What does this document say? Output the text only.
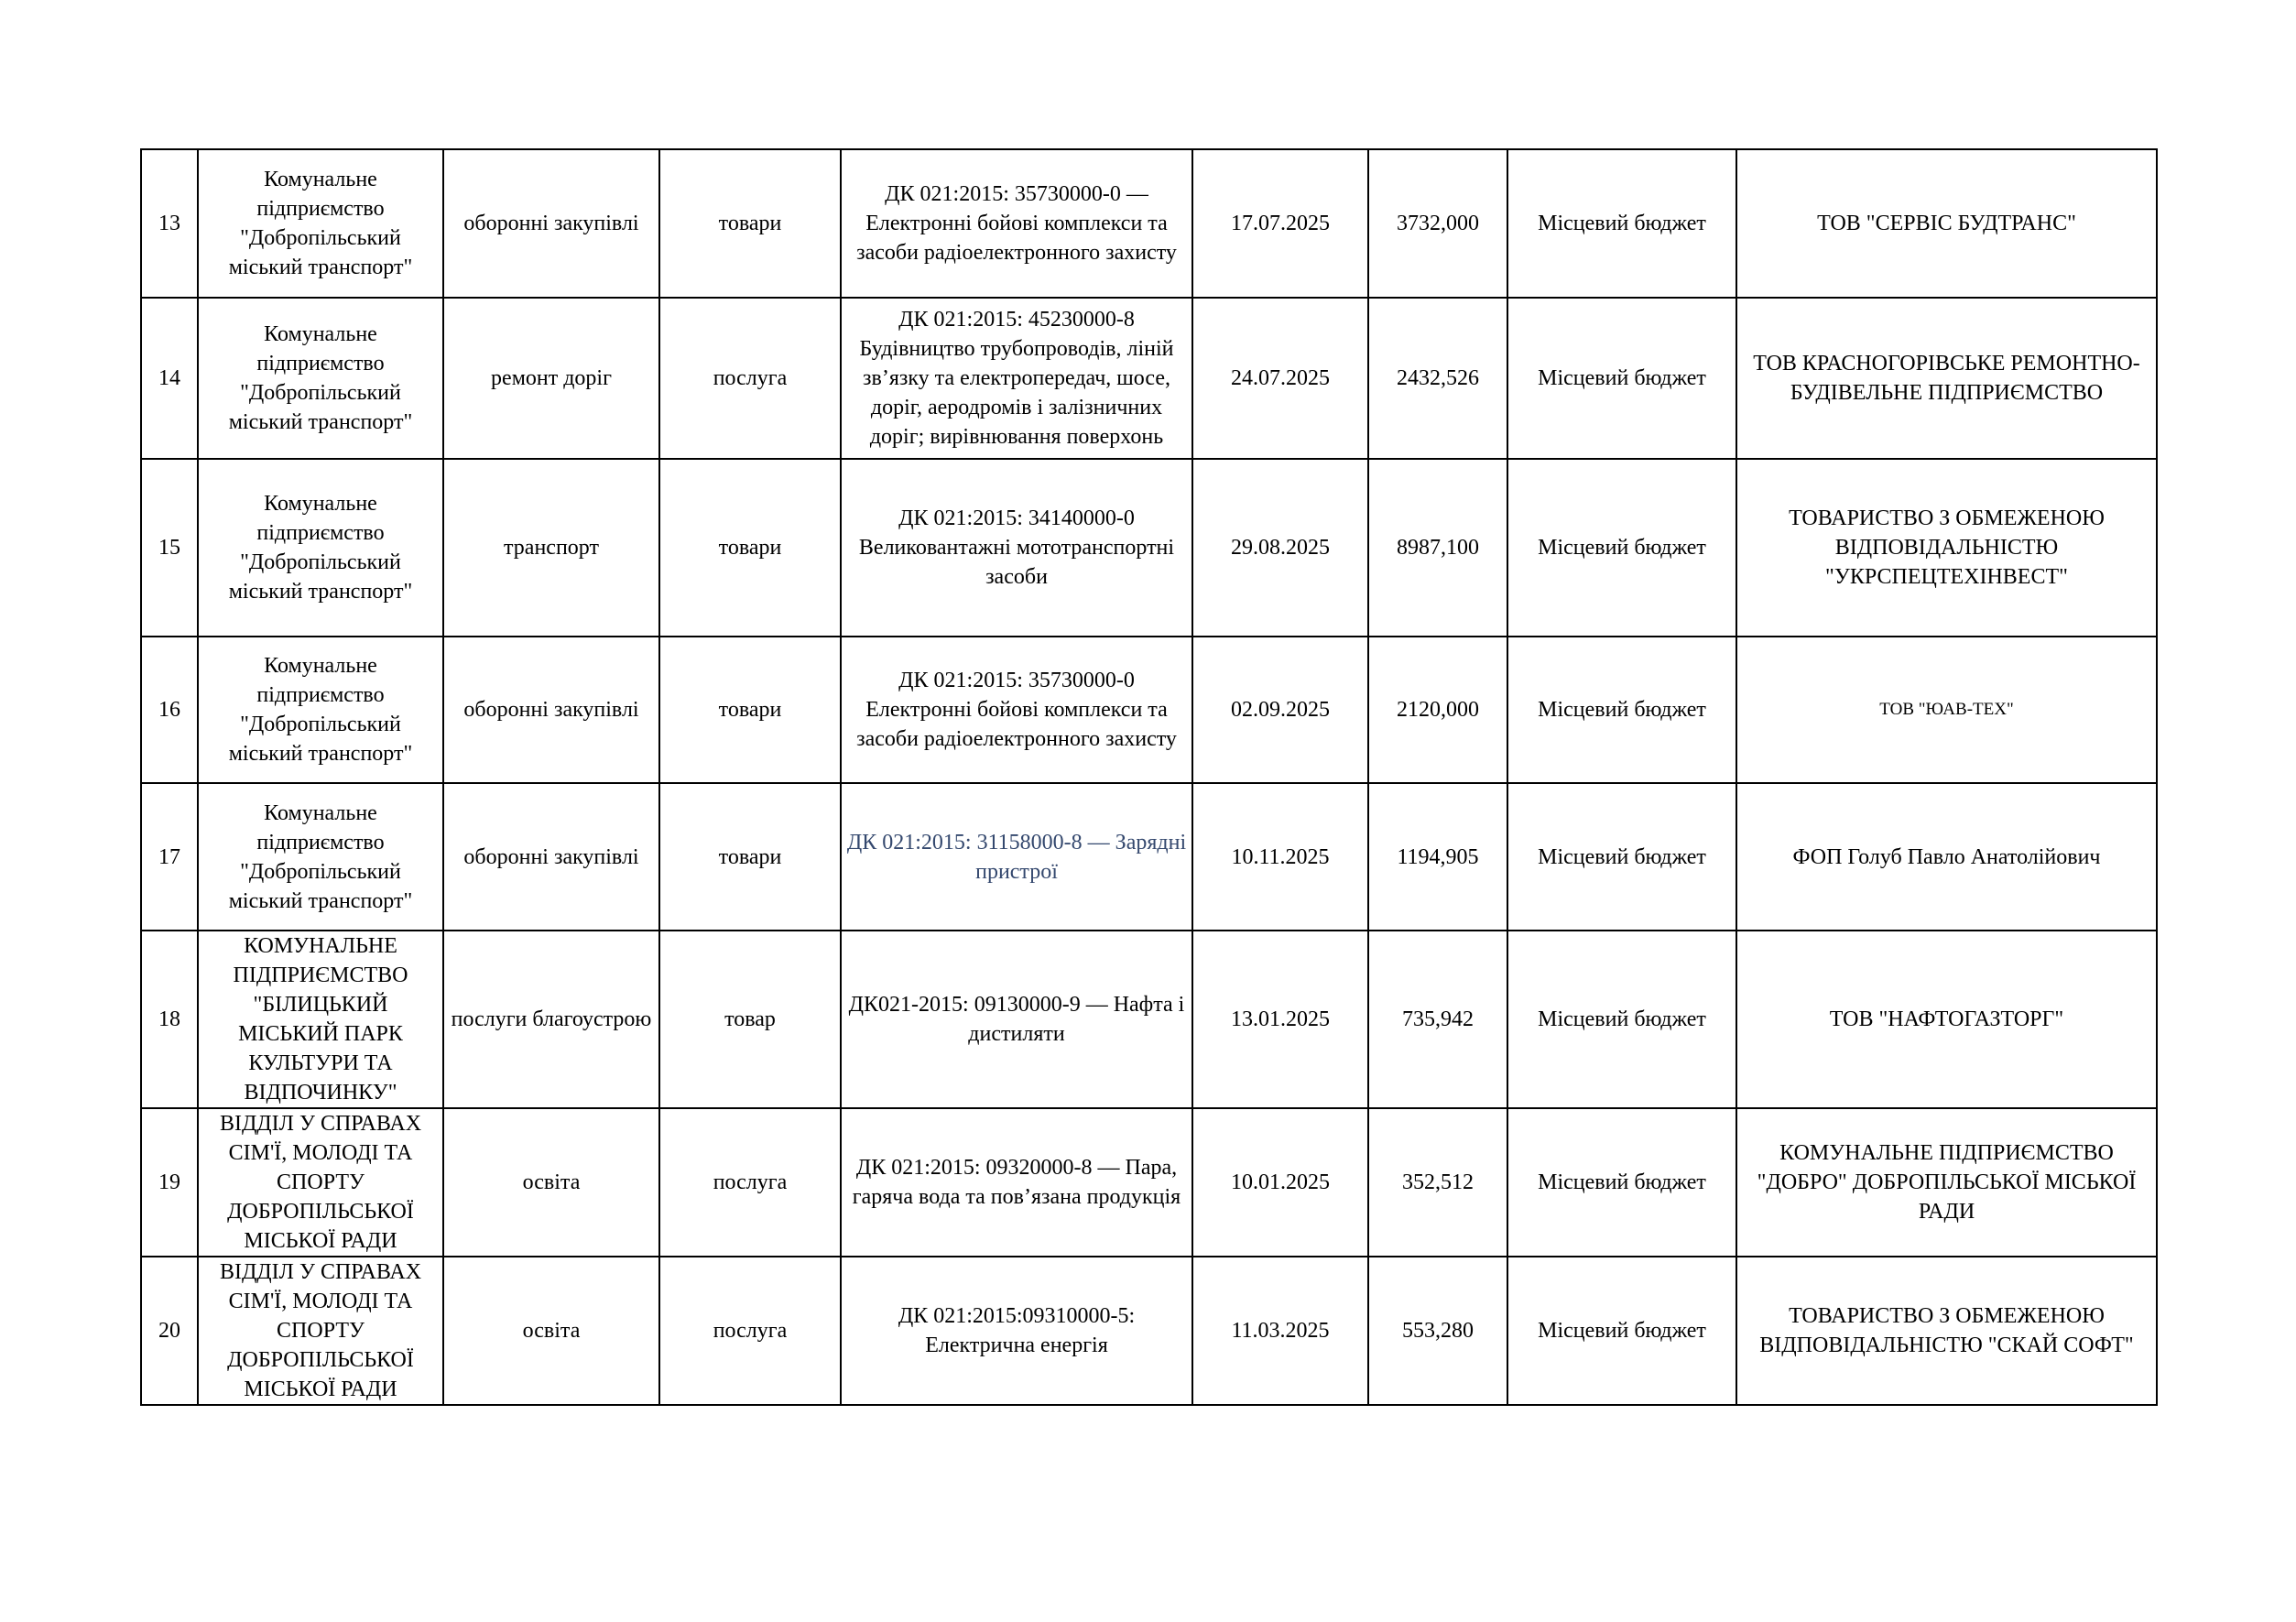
13	Комунальне підприємство "Добропільський міський транспорт"	оборонні закупівлі	товари	ДК 021:2015: 35730000-0 — Електронні бойові комплекси та засоби радіоелектронного захисту	17.07.2025	3732,000	Місцевий бюджет	ТОВ "СЕРВІС БУДТРАНС"
14	Комунальне підприємство "Добропільський міський транспорт"	ремонт доріг	послуга	ДК 021:2015: 45230000-8 Будівництво трубопроводів, ліній зв’язку та електропередач, шосе, доріг, аеродромів і залізничних доріг; вирівнювання поверхонь	24.07.2025	2432,526	Місцевий бюджет	ТОВ КРАСНОГОРІВСЬКЕ РЕМОНТНО-БУДІВЕЛЬНЕ ПІДПРИЄМСТВО
15	Комунальне підприємство "Добропільський міський транспорт"	транспорт	товари	ДК 021:2015: 34140000-0 Великовантажні мототранспортні засоби	29.08.2025	8987,100	Місцевий бюджет	ТОВАРИСТВО З ОБМЕЖЕНОЮ ВІДПОВІДАЛЬНІСТЮ "УКРСПЕЦТЕХІНВЕСТ"
16	Комунальне підприємство "Добропільський міський транспорт"	оборонні закупівлі	товари	ДК 021:2015: 35730000-0 Електронні бойові комплекси та засоби радіоелектронного захисту	02.09.2025	2120,000	Місцевий бюджет	ТОВ "ЮАВ-ТЕХ"
17	Комунальне підприємство "Добропільський міський транспорт"	оборонні закупівлі	товари	ДК 021:2015: 31158000-8 — Зарядні пристрої	10.11.2025	1194,905	Місцевий бюджет	ФОП Голуб Павло Анатолійович
18	КОМУНАЛЬНЕ ПІДПРИЄМСТВО "БІЛИЦЬКИЙ МІСЬКИЙ ПАРК КУЛЬТУРИ ТА ВІДПОЧИНКУ"	послуги благоустрою	товар	ДК021-2015: 09130000-9 — Нафта і дистиляти	13.01.2025	735,942	Місцевий бюджет	ТОВ "НАФТОГАЗТОРГ"
19	ВІДДІЛ У СПРАВАХ СІМ'Ї, МОЛОДІ ТА СПОРТУ ДОБРОПІЛЬСЬКОЇ МІСЬКОЇ РАДИ	освіта	послуга	ДК 021:2015: 09320000-8 — Пара, гаряча вода та пов’язана продукція	10.01.2025	352,512	Місцевий бюджет	КОМУНАЛЬНЕ ПІДПРИЄМСТВО "ДОБРО" ДОБРОПІЛЬСЬКОЇ МІСЬКОЇ РАДИ
20	ВІДДІЛ У СПРАВАХ СІМ'Ї, МОЛОДІ ТА СПОРТУ ДОБРОПІЛЬСЬКОЇ МІСЬКОЇ РАДИ	освіта	послуга	ДК 021:2015:09310000-5: Електрична енергія	11.03.2025	553,280	Місцевий бюджет	ТОВАРИСТВО З ОБМЕЖЕНОЮ ВІДПОВІДАЛЬНІСТЮ "СКАЙ СОФТ"
